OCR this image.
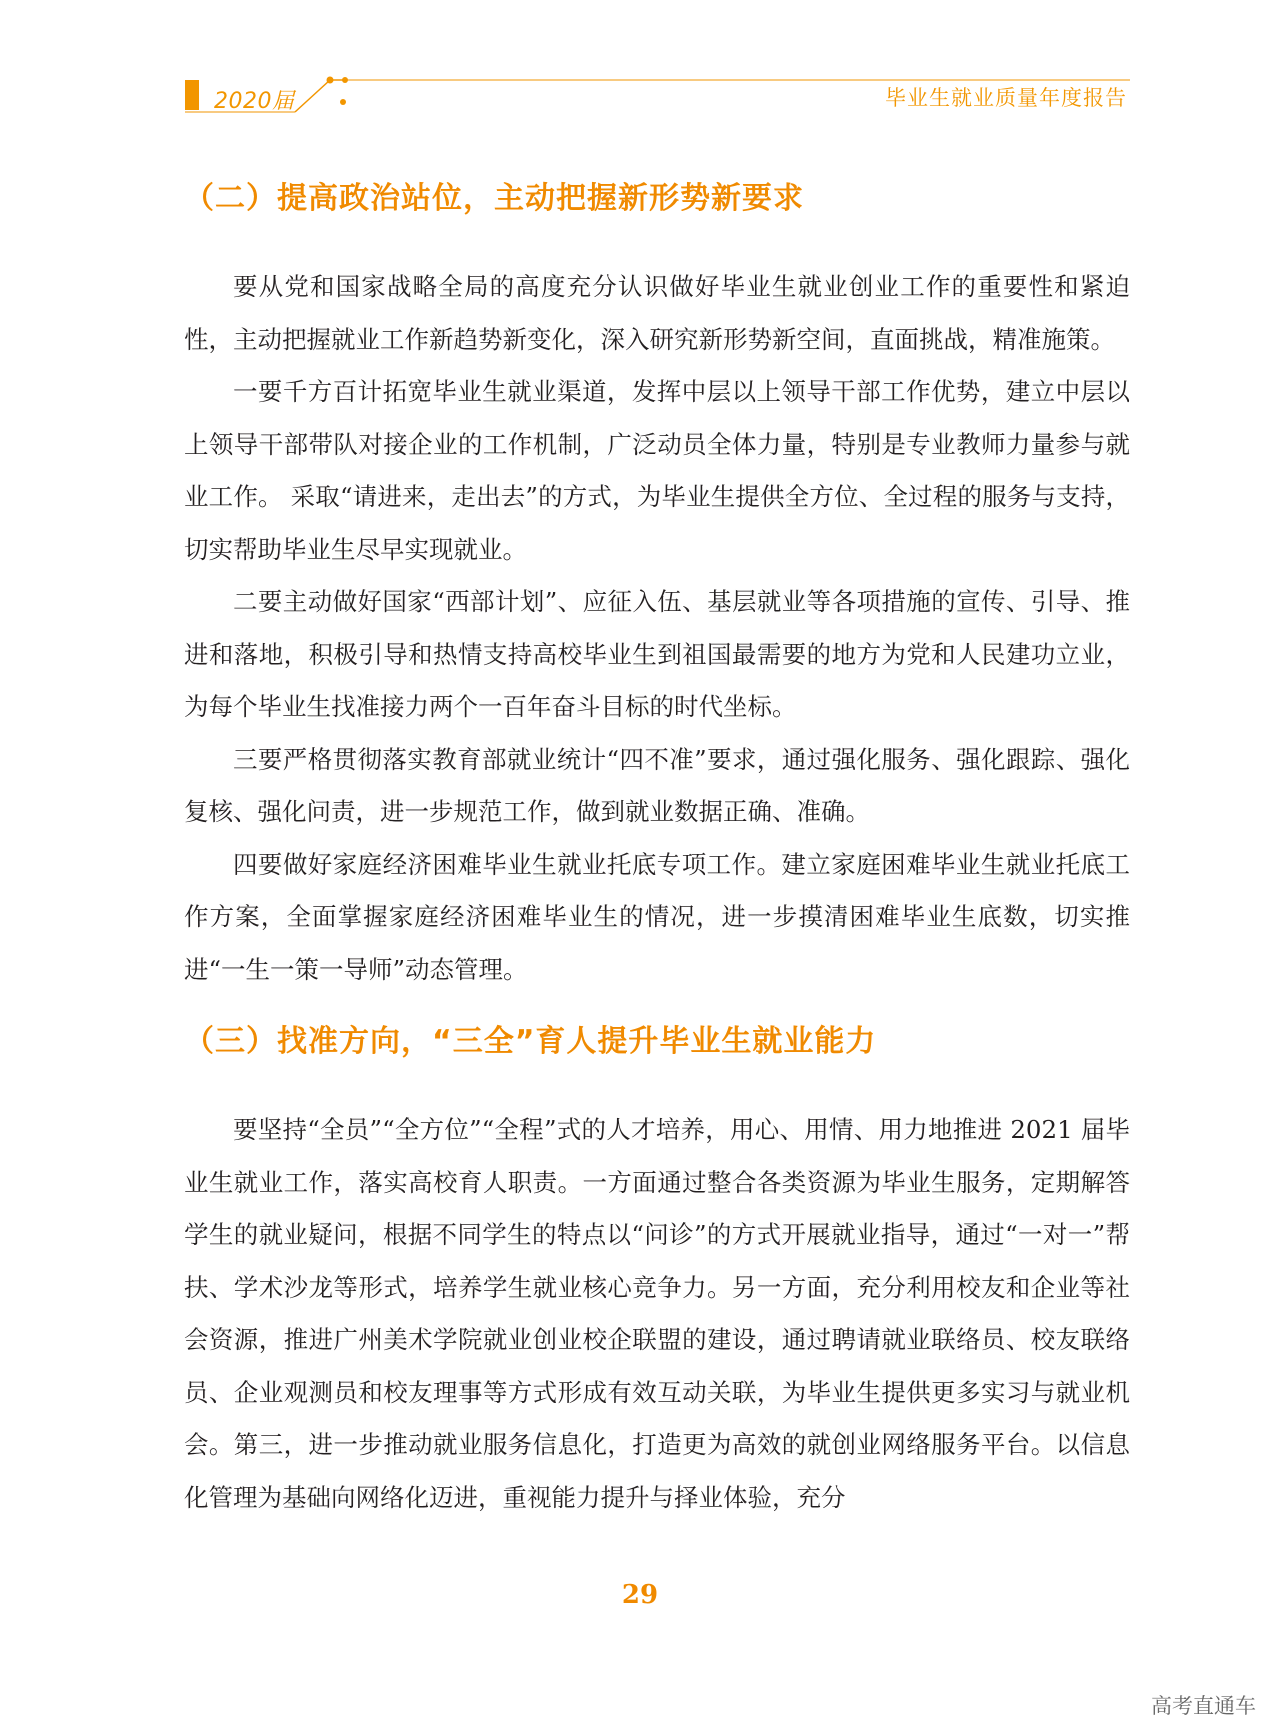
2020届	毕业生就业质量年度报告
（二）提高政治站位，主动把握新形势新要求

要从党和国家战略全局的高度充分认识做好毕业生就业创业工作的重要性和紧迫性，主动把握就业工作新趋势新变化，深入研究新形势新空间，直面挑战，精准施策。

一要千方百计拓宽毕业生就业渠道，发挥中层以上领导干部工作优势，建立中层以上领导干部带队对接企业的工作机制，广泛动员全体力量，特别是专业教师力量参与就业工作。 采取“请进来，走出去”的方式，为毕业生提供全方位、全过程的服务与支持，切实帮助毕业生尽早实现就业。

二要主动做好国家“西部计划”、应征入伍、基层就业等各项措施的宣传、引导、推进和落地，积极引导和热情支持高校毕业生到祖国最需要的地方为党和人民建功立业，为每个毕业生找准接力两个一百年奋斗目标的时代坐标。

三要严格贯彻落实教育部就业统计“四不准”要求，通过强化服务、强化跟踪、强化复核、强化问责，进一步规范工作，做到就业数据正确、准确。

四要做好家庭经济困难毕业生就业托底专项工作。建立家庭困难毕业生就业托底工作方案，全面掌握家庭经济困难毕业生的情况，进一步摸清困难毕业生底数，切实推进“一生一策一导师”动态管理。

（三）找准方向，“三全”育人提升毕业生就业能力

要坚持“全员”“全方位”“全程”式的人才培养，用心、用情、用力地推进 2021 届毕业生就业工作，落实高校育人职责。一方面通过整合各类资源为毕业生服务，定期解答学生的就业疑问，根据不同学生的特点以“问诊”的方式开展就业指导，通过“一对一”帮扶、学术沙龙等形式，培养学生就业核心竞争力。另一方面，充分利用校友和企业等社会资源，推进广州美术学院就业创业校企联盟的建设，通过聘请就业联络员、校友联络员、企业观测员和校友理事等方式形成有效互动关联，为毕业生提供更多实习与就业机会。第三，进一步推动就业服务信息化，打造更为高效的就创业网络服务平台。以信息化管理为基础向网络化迈进，重视能力提升与择业体验，充分

29
高考直通车
